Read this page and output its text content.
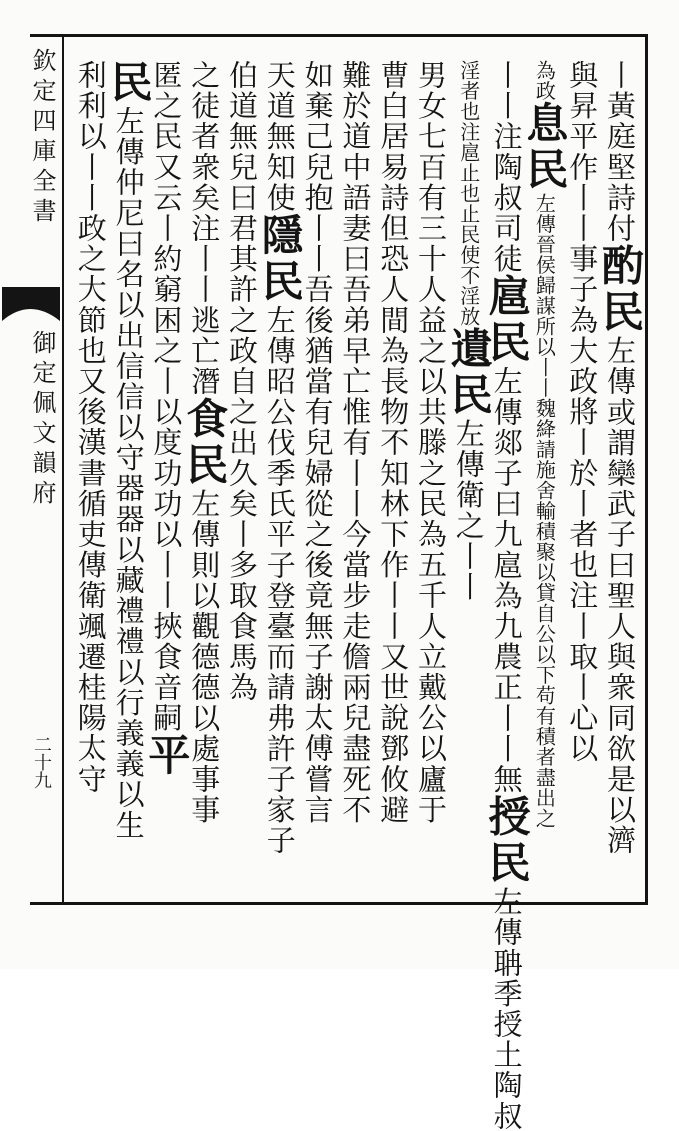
欽定四庫全書
御定佩文韻府
二十九
丨黃庭堅詩付酌民左傳或謂欒武子曰聖人與衆同欲是以濟
與昇平作丨丨事子為大政將丨於丨者也注丨取丨心以
為政息民左傳晉侯歸謀所以丨丨魏絳請施舍輸積聚以貸自公以下苟有積者盡出之
丨丨注陶叔司徒扈民左傳郯子曰九扈為九農正丨丨無授民左傳聃季授土陶叔
淫者也注扈止也止民使不淫放遺民左傳衛之丨丨
男女七百有三十人益之以共滕之民為五千人立戴公以廬于
曹白居易詩但恐人間為長物不知林下作丨丨又世說鄧攸避
難於道中語妻曰吾弟早亡惟有丨丨今當步走儋兩兒盡死不
如棄己兒抱丨丨吾後猶當有兒婦從之後竟無子謝太傅嘗言
天道無知使隱民左傳昭公伐季氏平子登臺而請弗許子家子
伯道無兒曰君其許之政自之出久矣丨多取食馬為
之徒者衆矣注丨丨逃亡潛食民左傳則以觀德德以處事事
匿之民又云丨約窮困之丨以度功功以丨丨挾食音嗣平
民左傳仲尼曰名以出信信以守器器以藏禮禮以行義義以生
利利以丨丨政之大節也又後漢書循吏傳衛颯遷桂陽太守
